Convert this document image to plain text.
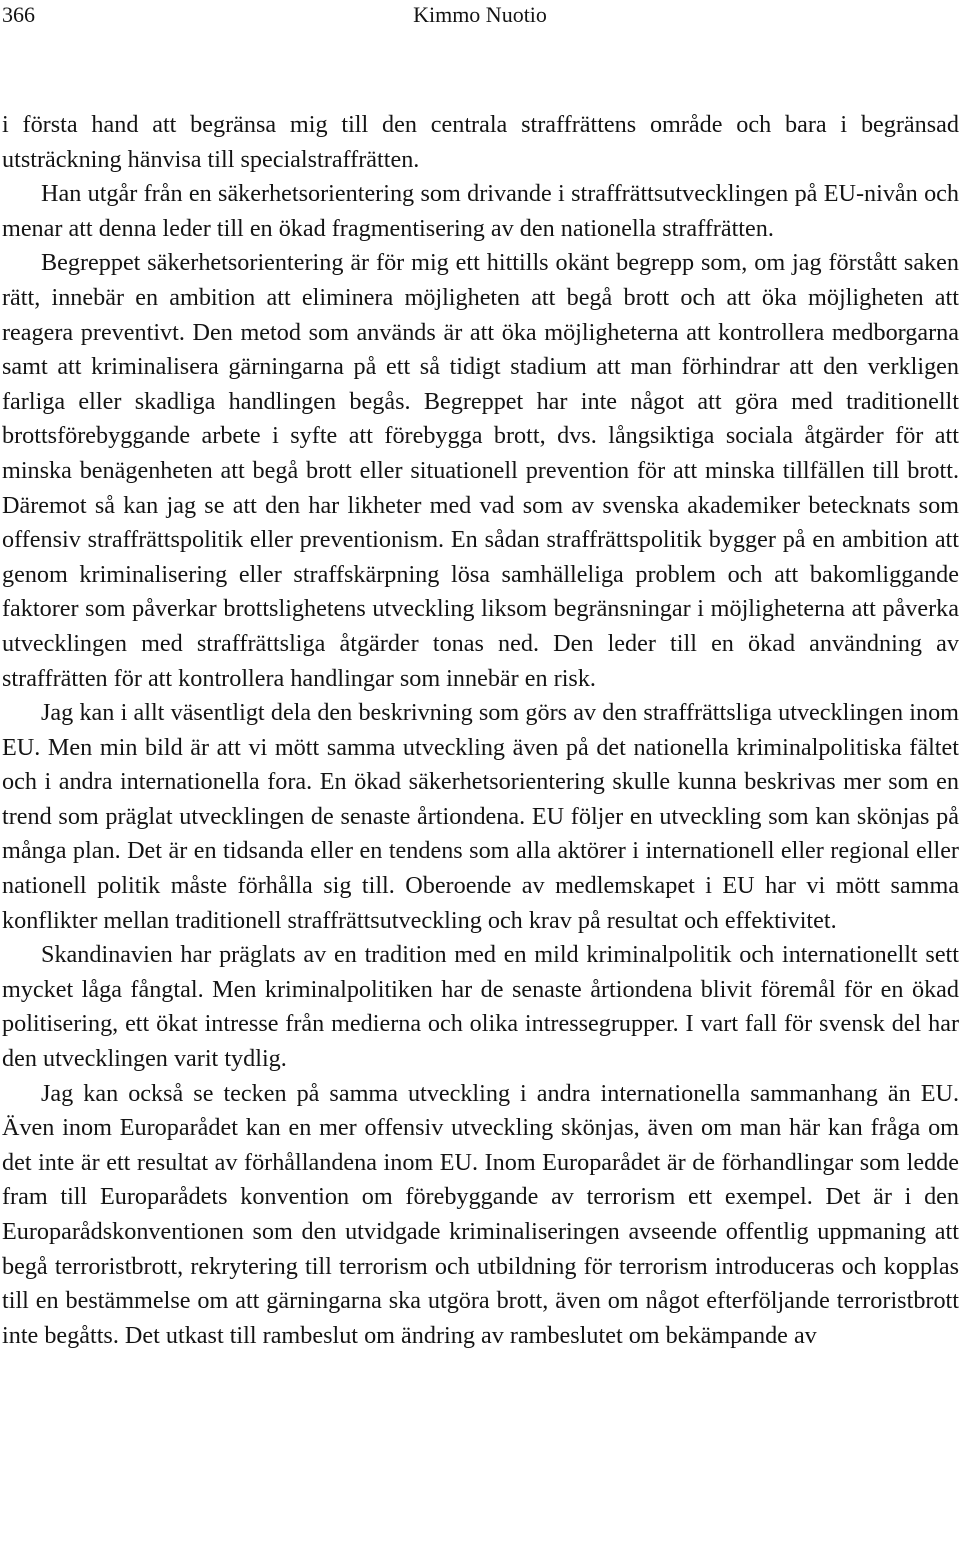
366	Kimmo Nuotio

i första hand att begränsa mig till den centrala straffrättens område och bara i begränsad utsträckning hänvisa till specialstraffrätten.

Han utgår från en säkerhetsorientering som drivande i straffrättsutvecklingen på EU-nivån och menar att denna leder till en ökad fragmentisering av den nationella straffrätten.

Begreppet säkerhetsorientering är för mig ett hittills okänt begrepp som, om jag förstått saken rätt, innebär en ambition att eliminera möjligheten att begå brott och att öka möjligheten att reagera preventivt. Den metod som används är att öka möjligheterna att kontrollera medborgarna samt att kriminalisera gärningarna på ett så tidigt stadium att man förhindrar att den verkligen farliga eller skadliga handlingen begås. Begreppet har inte något att göra med traditionellt brottsförebyggande arbete i syfte att förebygga brott, dvs. långsiktiga sociala åtgärder för att minska benägenheten att begå brott eller situationell prevention för att minska tillfällen till brott. Däremot så kan jag se att den har likheter med vad som av svenska akademiker betecknats som offensiv straffrättspolitik eller preventionism. En sådan straffrättspolitik bygger på en ambition att genom kriminalisering eller straffskärpning lösa samhälleliga problem och att bakomliggande faktorer som påverkar brottslighetens utveckling liksom begränsningar i möjligheterna att påverka utvecklingen med straffrättsliga åtgärder tonas ned. Den leder till en ökad användning av straffrätten för att kontrollera handlingar som innebär en risk.

Jag kan i allt väsentligt dela den beskrivning som görs av den straffrättsliga utvecklingen inom EU. Men min bild är att vi mött samma utveckling även på det nationella kriminalpolitiska fältet och i andra internationella fora. En ökad säkerhetsorientering skulle kunna beskrivas mer som en trend som präglat utvecklingen de senaste årtiondena. EU följer en utveckling som kan skönjas på många plan. Det är en tidsanda eller en tendens som alla aktörer i internationell eller regional eller nationell politik måste förhålla sig till. Oberoende av medlemskapet i EU har vi mött samma konflikter mellan traditionell straffrättsutveckling och krav på resultat och effektivitet.

Skandinavien har präglats av en tradition med en mild kriminalpolitik och internationellt sett mycket låga fångtal. Men kriminalpolitiken har de senaste årtiondena blivit föremål för en ökad politisering, ett ökat intresse från medierna och olika intressegrupper. I vart fall för svensk del har den utvecklingen varit tydlig.

Jag kan också se tecken på samma utveckling i andra internationella sammanhang än EU. Även inom Europarådet kan en mer offensiv utveckling skönjas, även om man här kan fråga om det inte är ett resultat av förhållandena inom EU. Inom Europarådet är de förhandlingar som ledde fram till Europarådets konvention om förebyggande av terrorism ett exempel. Det är i den Europarådskonventionen som den utvidgade kriminaliseringen avseende offentlig uppmaning att begå terroristbrott, rekrytering till terrorism och utbildning för terrorism introduceras och kopplas till en bestämmelse om att gärningarna ska utgöra brott, även om något efterföljande terroristbrott inte begåtts. Det utkast till rambeslut om ändring av rambeslutet om bekämpande av
